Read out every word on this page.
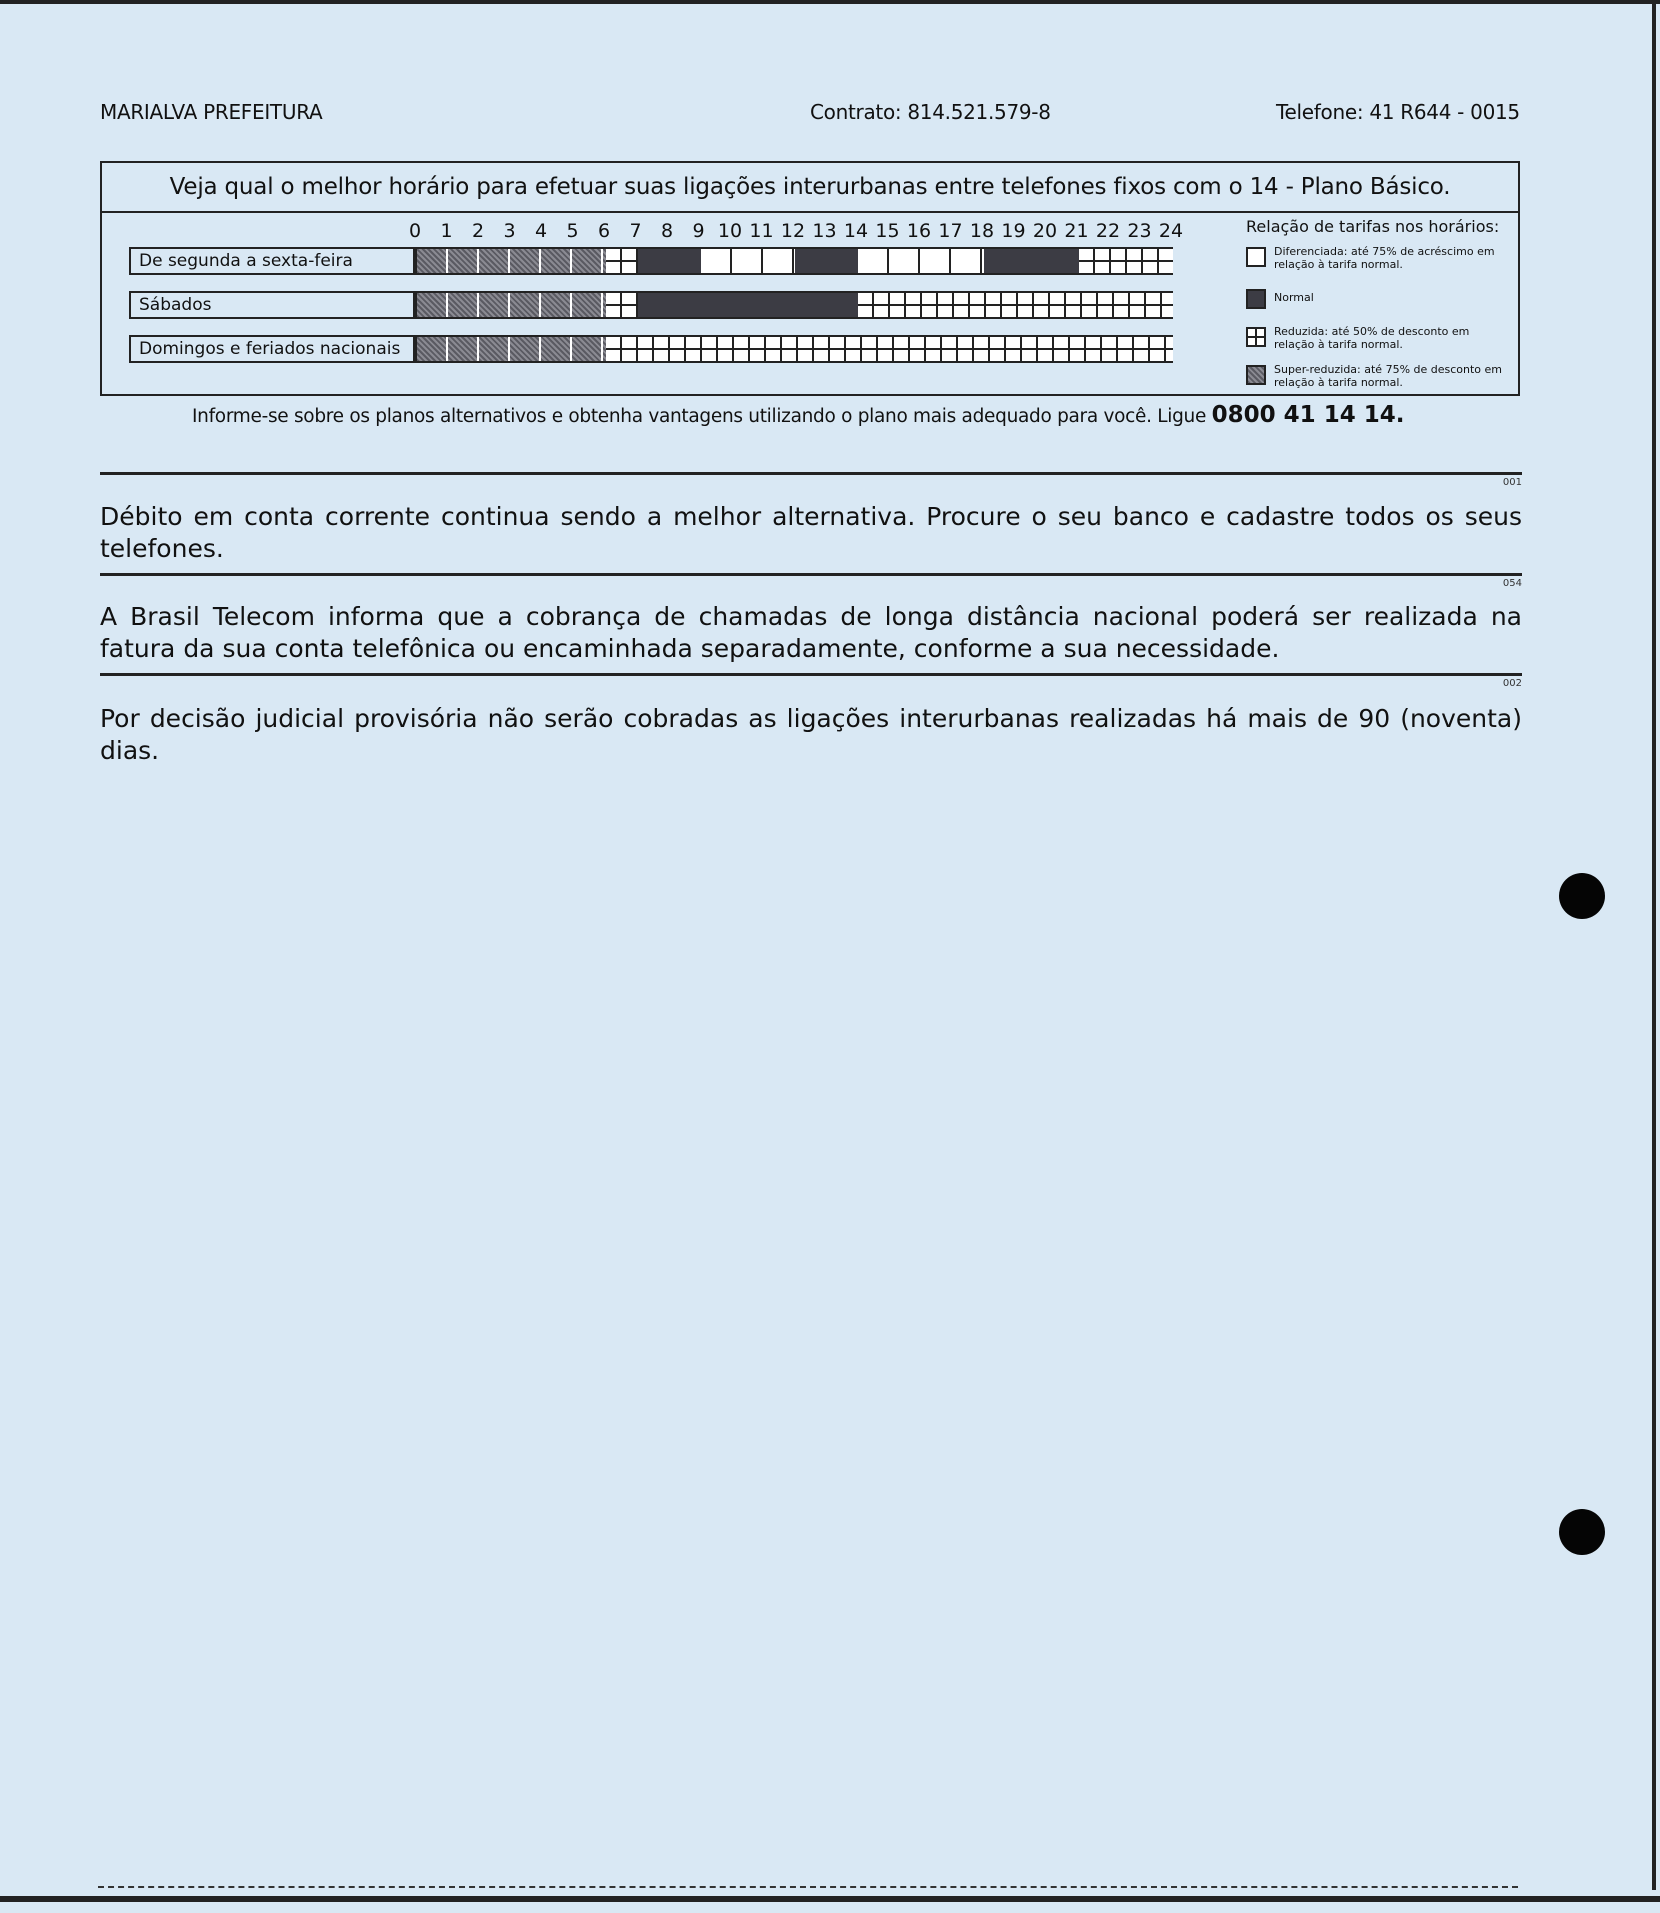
MARIALVA PREFEITURA	Contrato: 814.521.579-8	Telefone: 41 R644 - 0015
Veja qual o melhor horário para efetuar suas ligações interurbanas entre telefones fixos com o 14 - Plano Básico.
0	1	2	3	4	5	6	7	8	9 10 11 12 13 14 15 16 17 18 19 20 21 22 23 24
De segunda a sexta-feira
Sábados
Domingos e feriados nacionais
Relação de tarifas nos horários:
Diferenciada: até 75% de acréscimo em relação à tarifa normal.
Normal
Reduzida: até 50% de desconto em relação à tarifa normal.
Super-reduzida: até 75% de desconto em relação à tarifa normal.
Informe-se sobre os planos alternativos e obtenha vantagens utilizando o plano mais adequado para você. Ligue 0800 41 14 14.
001
Débito em conta corrente continua sendo a melhor alternativa. Procure o seu banco e cadastre todos os seus telefones.
054
A Brasil Telecom informa que a cobrança de chamadas de longa distância nacional poderá ser realizada na fatura da sua conta telefônica ou encaminhada separadamente, conforme a sua necessidade.
002
Por decisão judicial provisória não serão cobradas as ligações interurbanas realizadas há mais de 90 (noventa) dias.
